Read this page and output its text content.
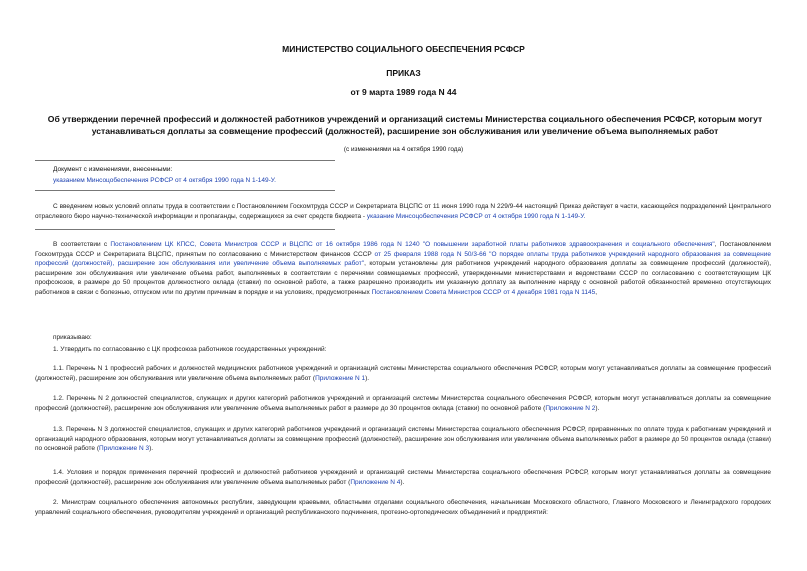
МИНИСТЕРСТВО СОЦИАЛЬНОГО ОБЕСПЕЧЕНИЯ РСФСР
ПРИКАЗ
от 9 марта 1989 года N 44
Об утверждении перечней профессий и должностей работников учреждений и организаций системы Министерства социального обеспечения РСФСР, которым могут устанавливаться доплаты за совмещение профессий (должностей), расширение зон обслуживания или увеличение объема выполняемых работ
(с изменениями на 4 октября 1990 года)
Документ с изменениями, внесенными:
указанием Минсоцобеспечения РСФСР от 4 октября 1990 года N 1-149-У.

С введением новых условий оплаты труда в соответствии с Постановлением Госкомтруда СССР и Секретариата ВЦСПС от 11 июня 1990 года N 229/9-44 настоящий Приказ действует в части, касающейся подразделений Центрального отраслевого бюро научно-технической информации и пропаганды, содержащихся за счет средств бюджета - указание Минсоцобеспечения РСФСР от 4 октября 1990 года N 1-149-У.

В соответствии с Постановлением ЦК КПСС, Совета Министров СССР и ВЦСПС от 16 октября 1986 года N 1240 "О повышении заработной платы работников здравоохранения и социального обеспечения", Постановлением Госкомтруда СССР и Секретариата ВЦСПС, принятым по согласованию с Министерством финансов СССР от 25 февраля 1988 года N 50/3-66 "О порядке оплаты труда работников учреждений народного образования за совмещение профессий (должностей), расширение зон обслуживания или увеличение объема выполняемых работ", которым установлены для работников учреждений народного образования доплаты за совмещение профессий (должностей), расширение зон обслуживания или увеличение объема работ, выполняемых в соответствии с перечнями совмещаемых профессий, утвержденными министерствами и ведомствами СССР по согласованию с соответствующим ЦК профсоюзов, в размере до 50 процентов должностного оклада (ставки) по основной работе, а также разрешено производить им указанную доплату за выполнение наряду с основной работой обязанностей временно отсутствующих работников в связи с болезнью, отпуском или по другим причинам в порядке и на условиях, предусмотренных Постановлением Совета Министров СССР от 4 декабря 1981 года N 1145,

приказываю:
1. Утвердить по согласованию с ЦК профсоюза работников государственных учреждений:

1.1. Перечень N 1 профессий рабочих и должностей медицинских работников учреждений и организаций системы Министерства социального обеспечения РСФСР, которым могут устанавливаться доплаты за совмещение профессий (должностей), расширение зон обслуживания или увеличение объема выполняемых работ (Приложение N 1).

1.2. Перечень N 2 должностей специалистов, служащих и других категорий работников учреждений и организаций системы Министерства социального обеспечения РСФСР, которым могут устанавливаться доплаты за совмещение профессий (должностей), расширение зон обслуживания или увеличение объема выполняемых работ в размере до 30 процентов оклада (ставки) по основной работе (Приложение N 2).

1.3. Перечень N 3 должностей специалистов, служащих и других категорий работников учреждений и организаций системы Министерства социального обеспечения РСФСР, приравненных по оплате труда к работникам учреждений и организаций народного образования, которым могут устанавливаться доплаты за совмещение профессий (должностей), расширение зон обслуживания или увеличение объема выполняемых работ в размере до 50 процентов оклада (ставки) по основной работе (Приложение N 3).

1.4. Условия и порядок применения перечней профессий и должностей работников учреждений и организаций системы Министерства социального обеспечения РСФСР, которым могут устанавливаться доплаты за совмещение профессий (должностей), расширение зон обслуживания или увеличение объема выполняемых работ (Приложение N 4).

2. Министрам социального обеспечения автономных республик, заведующим краевыми, областными отделами социального обеспечения, начальникам Московского областного, Главного Московского и Ленинградского городских управлений социального обеспечения, руководителям учреждений и организаций республиканского подчинения, протезно-ортопедических объединений и предприятий:
